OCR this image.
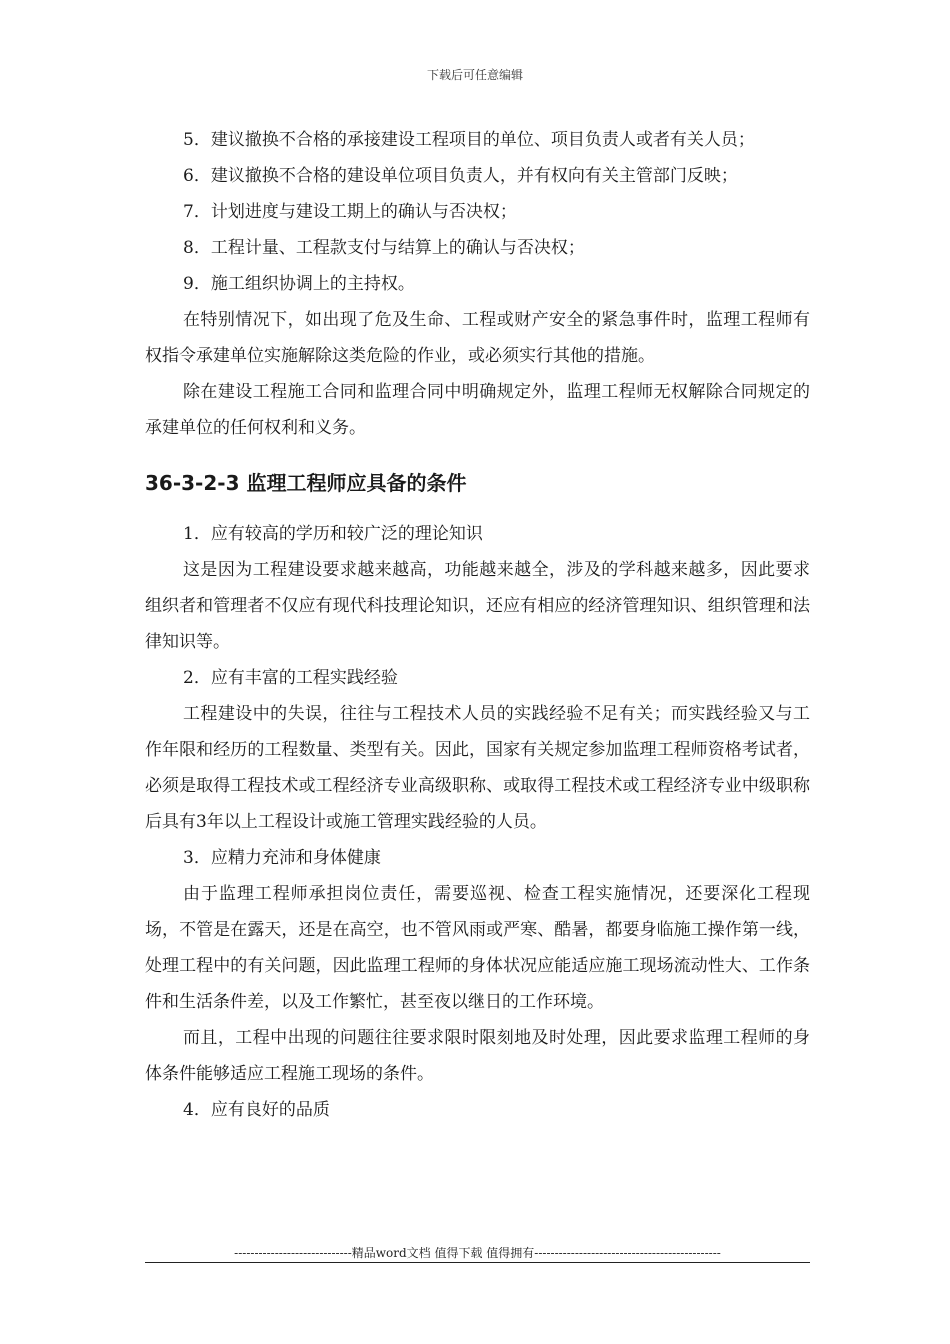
下载后可任意编辑

5．建议撤换不合格的承接建设工程项目的单位、项目负责人或者有关人员；

6．建议撤换不合格的建设单位项目负责人，并有权向有关主管部门反映；

7．计划进度与建设工期上的确认与否决权；

8．工程计量、工程款支付与结算上的确认与否决权；

9．施工组织协调上的主持权。

在特别情况下，如出现了危及生命、工程或财产安全的紧急事件时，监理工程师有权指令承建单位实施解除这类危险的作业，或必须实行其他的措施。

除在建设工程施工合同和监理合同中明确规定外，监理工程师无权解除合同规定的承建单位的任何权利和义务。

36-3-2-3 监理工程师应具备的条件

1．应有较高的学历和较广泛的理论知识

这是因为工程建设要求越来越高，功能越来越全，涉及的学科越来越多，因此要求组织者和管理者不仅应有现代科技理论知识，还应有相应的经济管理知识、组织管理和法律知识等。

2．应有丰富的工程实践经验

工程建设中的失误，往往与工程技术人员的实践经验不足有关；而实践经验又与工作年限和经历的工程数量、类型有关。因此，国家有关规定参加监理工程师资格考试者，必须是取得工程技术或工程经济专业高级职称、或取得工程技术或工程经济专业中级职称后具有3年以上工程设计或施工管理实践经验的人员。

3．应精力充沛和身体健康

由于监理工程师承担岗位责任，需要巡视、检查工程实施情况，还要深化工程现场，不管是在露天，还是在高空，也不管风雨或严寒、酷暑，都要身临施工操作第一线，处理工程中的有关问题，因此监理工程师的身体状况应能适应施工现场流动性大、工作条件和生活条件差，以及工作繁忙，甚至夜以继日的工作环境。

而且，工程中出现的问题往往要求限时限刻地及时处理，因此要求监理工程师的身体条件能够适应工程施工现场的条件。

4．应有良好的品质

-----------------------------精品word文档 值得下载 值得拥有----------------------------------------------
